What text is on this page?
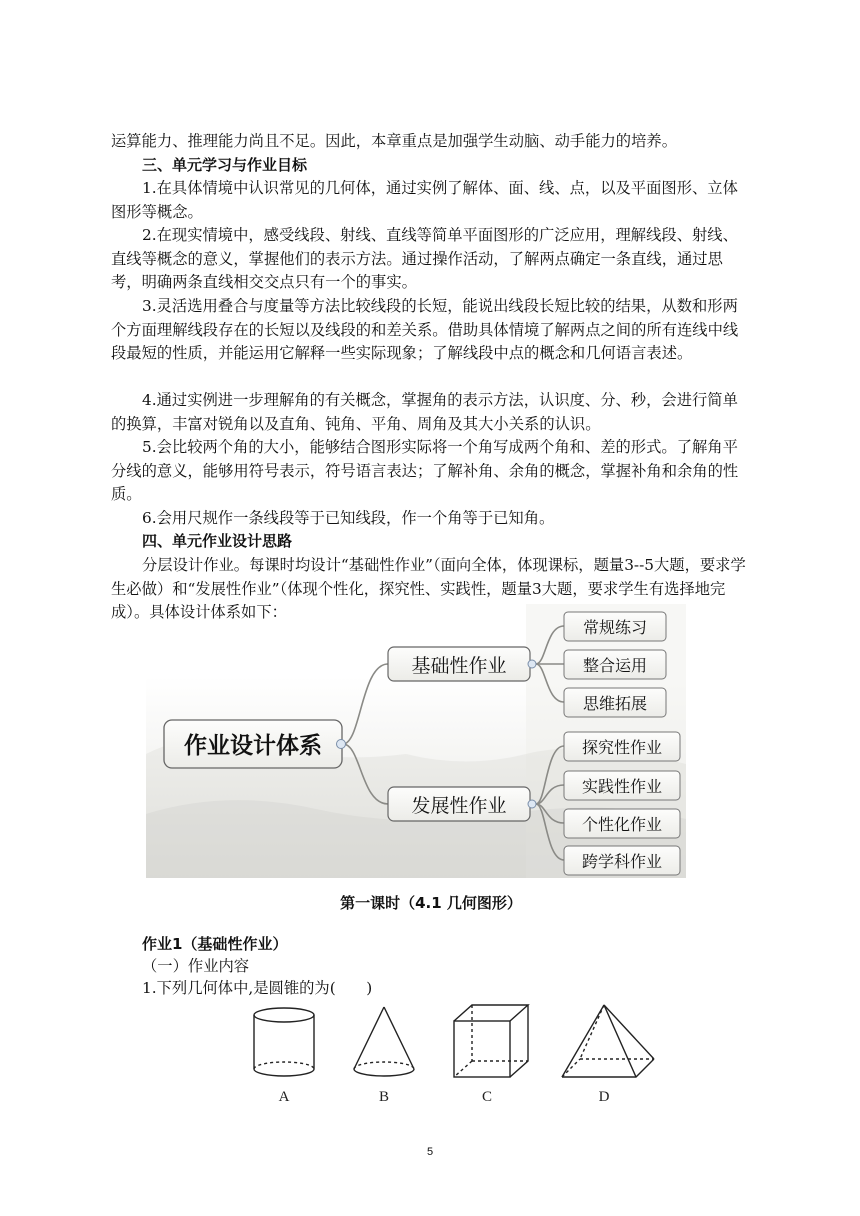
运算能力、推理能力尚且不足。因此，本章重点是加强学生动脑、动手能力的培养。

三、单元学习与作业目标

1.在具体情境中认识常见的几何体，通过实例了解体、面、线、点，以及平面图形、立体图形等概念。

2.在现实情境中，感受线段、射线、直线等简单平面图形的广泛应用，理解线段、射线、直线等概念的意义，掌握他们的表示方法。通过操作活动，了解两点确定一条直线，通过思考，明确两条直线相交交点只有一个的事实。

3.灵活选用叠合与度量等方法比较线段的长短，能说出线段长短比较的结果，从数和形两个方面理解线段存在的长短以及线段的和差关系。借助具体情境了解两点之间的所有连线中线段最短的性质，并能运用它解释一些实际现象；了解线段中点的概念和几何语言表述。

4.通过实例进一步理解角的有关概念，掌握角的表示方法，认识度、分、秒，会进行简单的换算，丰富对锐角以及直角、钝角、平角、周角及其大小关系的认识。

5.会比较两个角的大小，能够结合图形实际将一个角写成两个角和、差的形式。了解角平分线的意义，能够用符号表示，符号语言表达；了解补角、余角的概念，掌握补角和余角的性质。

6.会用尺规作一条线段等于已知线段，作一个角等于已知角。

四、单元作业设计思路

分层设计作业。每课时均设计“基础性作业”（面向全体，体现课标，题量3--5大题，要求学生必做）和“发展性作业”（体现个性化，探究性、实践性，题量3大题，要求学生有选择地完成）。具体设计体系如下：

作业设计体系
基础性作业
发展性作业
常规练习
整合运用
思维拓展
探究性作业
实践性作业
个性化作业
跨学科作业

第一课时（4.1 几何图形）

作业1（基础性作业）

（一）作业内容

1.下列几何体中,是圆锥的为(　　)

A	B	C	D
5
